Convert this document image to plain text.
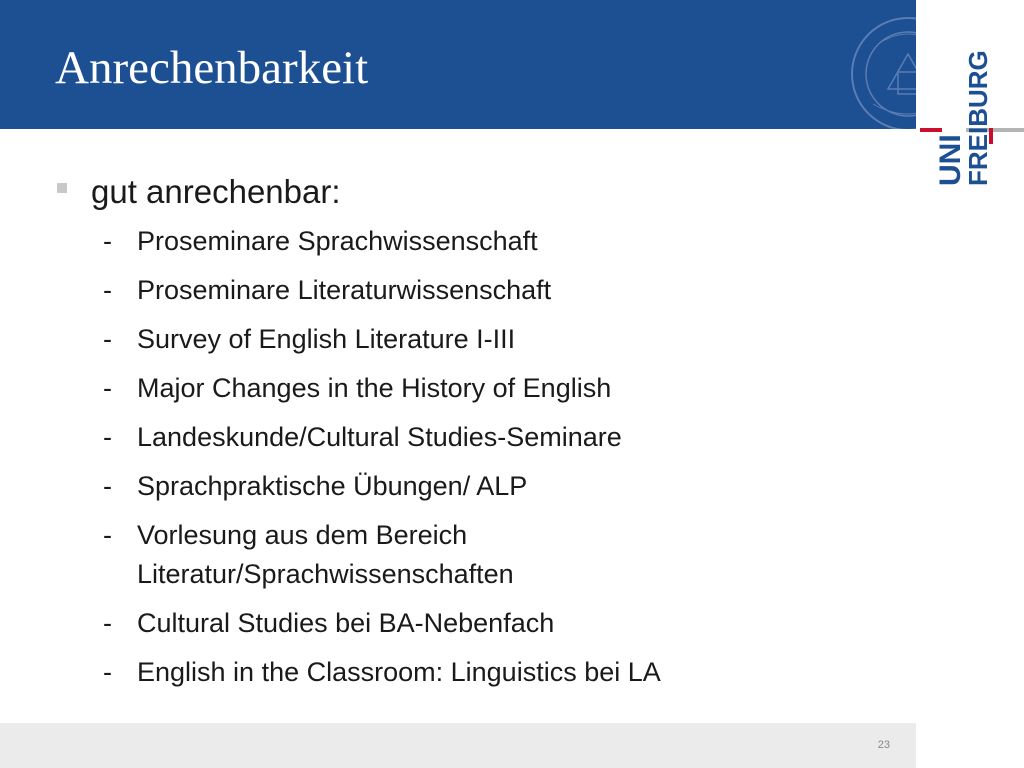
Anrechenbarkeit
UNI
FREIBURG
gut anrechenbar:
- Proseminare Sprachwissenschaft
- Proseminare Literaturwissenschaft
- Survey of English Literature I-III
- Major Changes in the History of English
- Landeskunde/Cultural Studies-Seminare
- Sprachpraktische Übungen/ ALP
- Vorlesung aus dem Bereich Literatur/Sprachwissenschaften
- Cultural Studies bei BA-Nebenfach
- English in the Classroom: Linguistics bei LA
23
